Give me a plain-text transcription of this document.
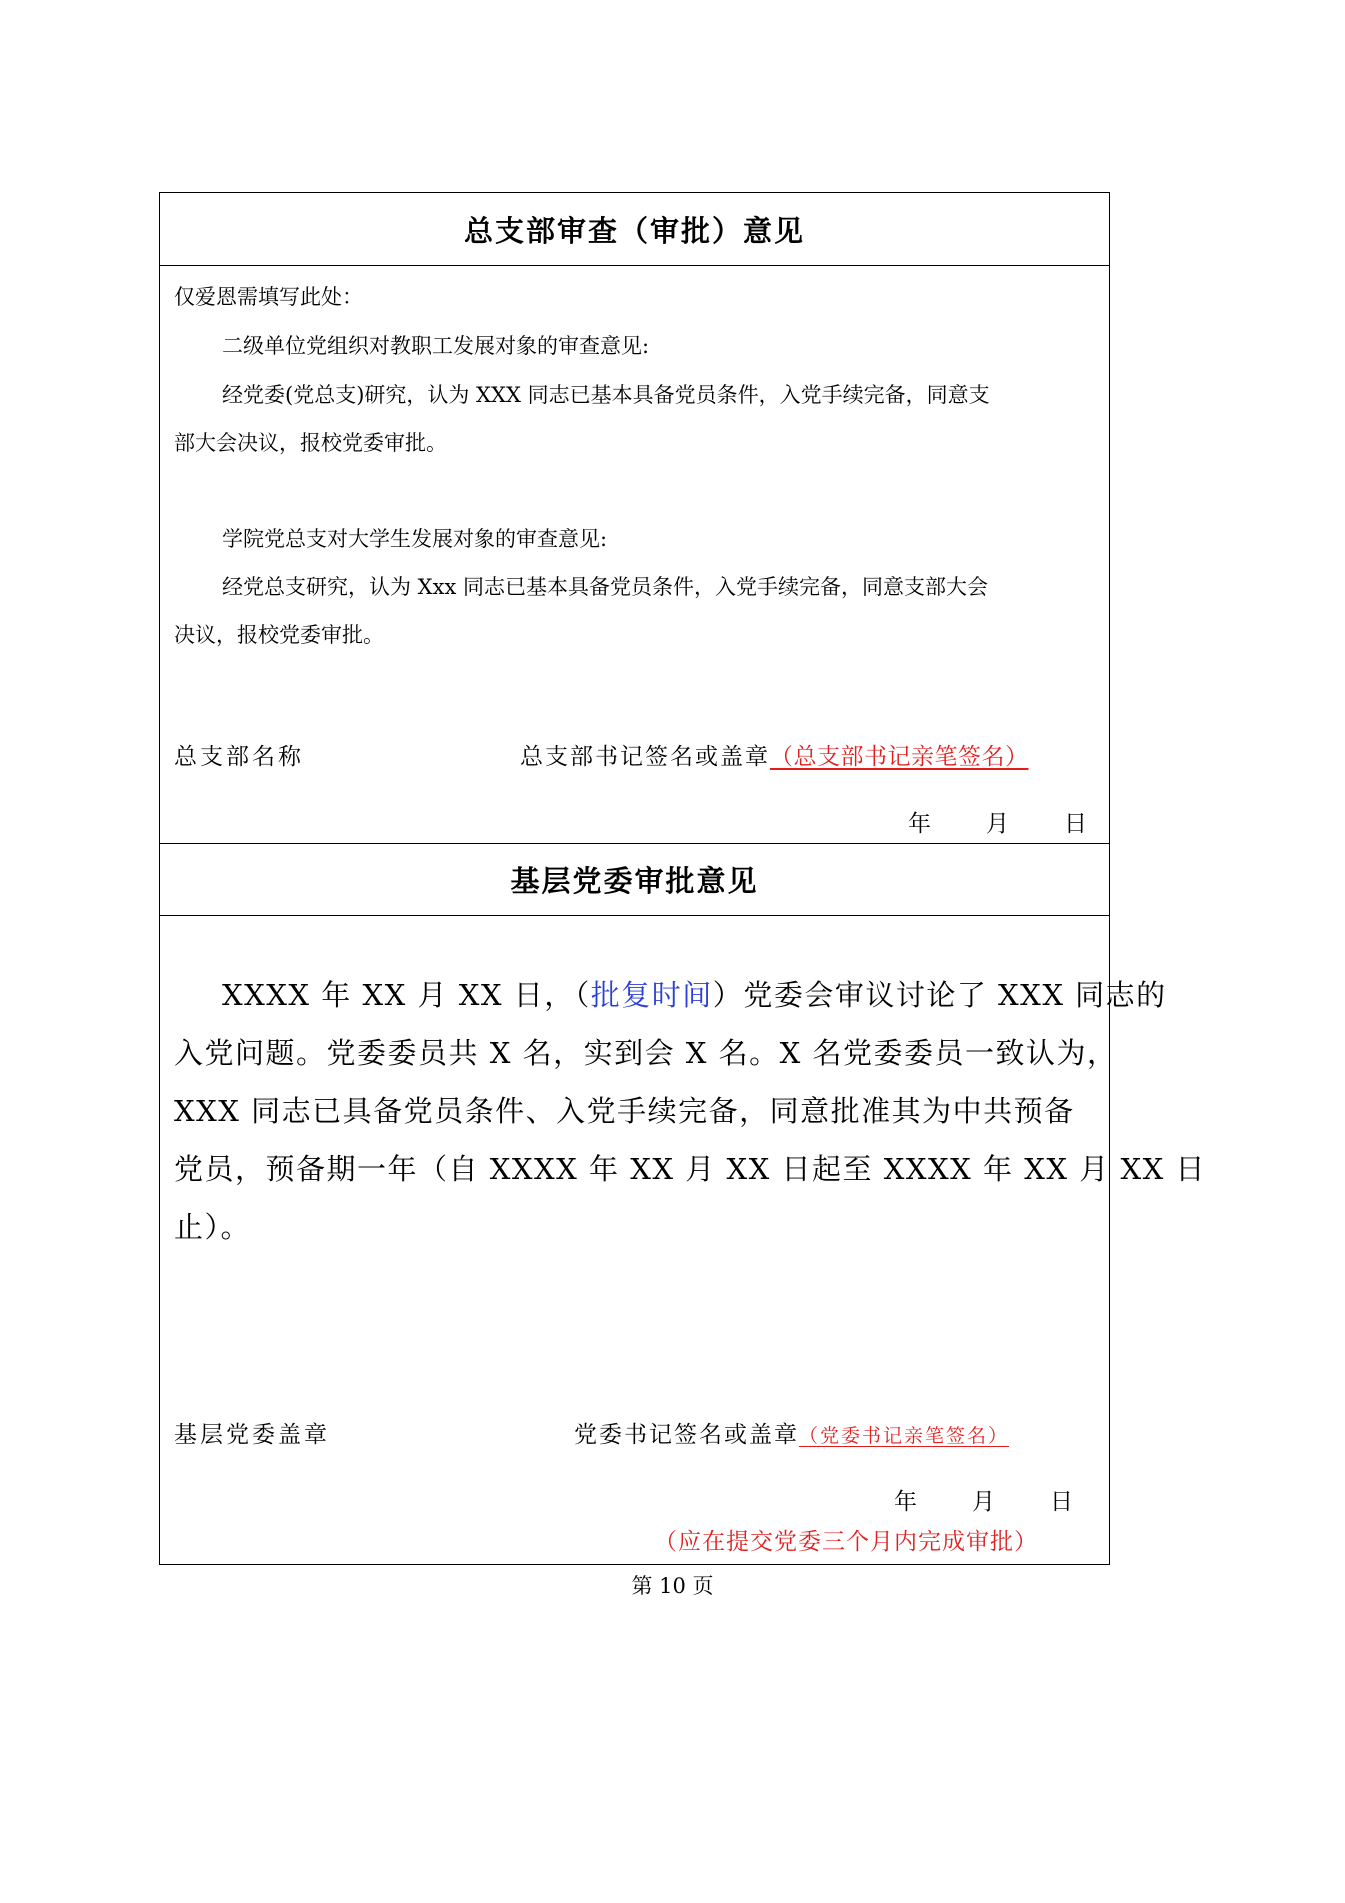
总支部审查（审批）意见
仅爱恩需填写此处：
二级单位党组织对教职工发展对象的审查意见:
经党委(党总支)研究，认为 XXX 同志已基本具备党员条件，入党手续完备，同意支
部大会决议，报校党委审批。
学院党总支对大学生发展对象的审查意见:
经党总支研究，认为 Xxx 同志已基本具备党员条件，入党手续完备，同意支部大会
决议，报校党委审批。
总支部名称	总支部书记签名或盖章（总支部书记亲笔签名）
年　　月　　日
基层党委审批意见
XXXX 年 XX 月 XX 日，（批复时间）党委会审议讨论了 XXX 同志的
入党问题。党委委员共 X 名，实到会 X 名。X 名党委委员一致认为，
XXX 同志已具备党员条件、入党手续完备，同意批准其为中共预备
党员，预备期一年（自 XXXX 年 XX 月 XX 日起至 XXXX 年 XX 月 XX 日
止）。
基层党委盖章	党委书记签名或盖章（党委书记亲笔签名）
年　　月　　日
（应在提交党委三个月内完成审批）
第 10 页
